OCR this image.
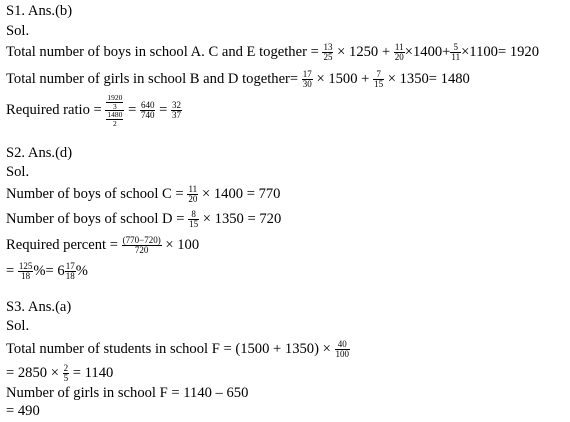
S1. Ans.(b)
Sol.
Total number of boys in school A. C and E together = $\frac{13}{25} \times 1250 + \frac{11}{20} \times 1400+ \frac{5}{11} \times 1100= 1920$
Total number of girls in school B and D together= $\frac{17}{30} \times 1500 + \frac{7}{15} \times 1350= 1480$
Required ratio = $\frac{\frac{1920}{3}}{\frac{1480}{2}} = \frac{640}{740} = \frac{32}{37}$
S2. Ans.(d)
Sol.
Number of boys of school $C = \frac{11}{20} \times 1400 = 770$
Number of boys of school $D = \frac{8}{15} \times 1350 = 720$
Required percent = $\frac{(770-720)}{720} \times 100$
= $\frac{125}{18}$ %= $6 \frac{17}{18}$ %
S3. Ans.(a)
Sol.
Total number of students in school $F = (1500 + 1350) \times \frac{40}{100}$
= $2850 \times \frac{2}{5} = 1140$
Number of girls in school F = 1140 – 650
= 490
